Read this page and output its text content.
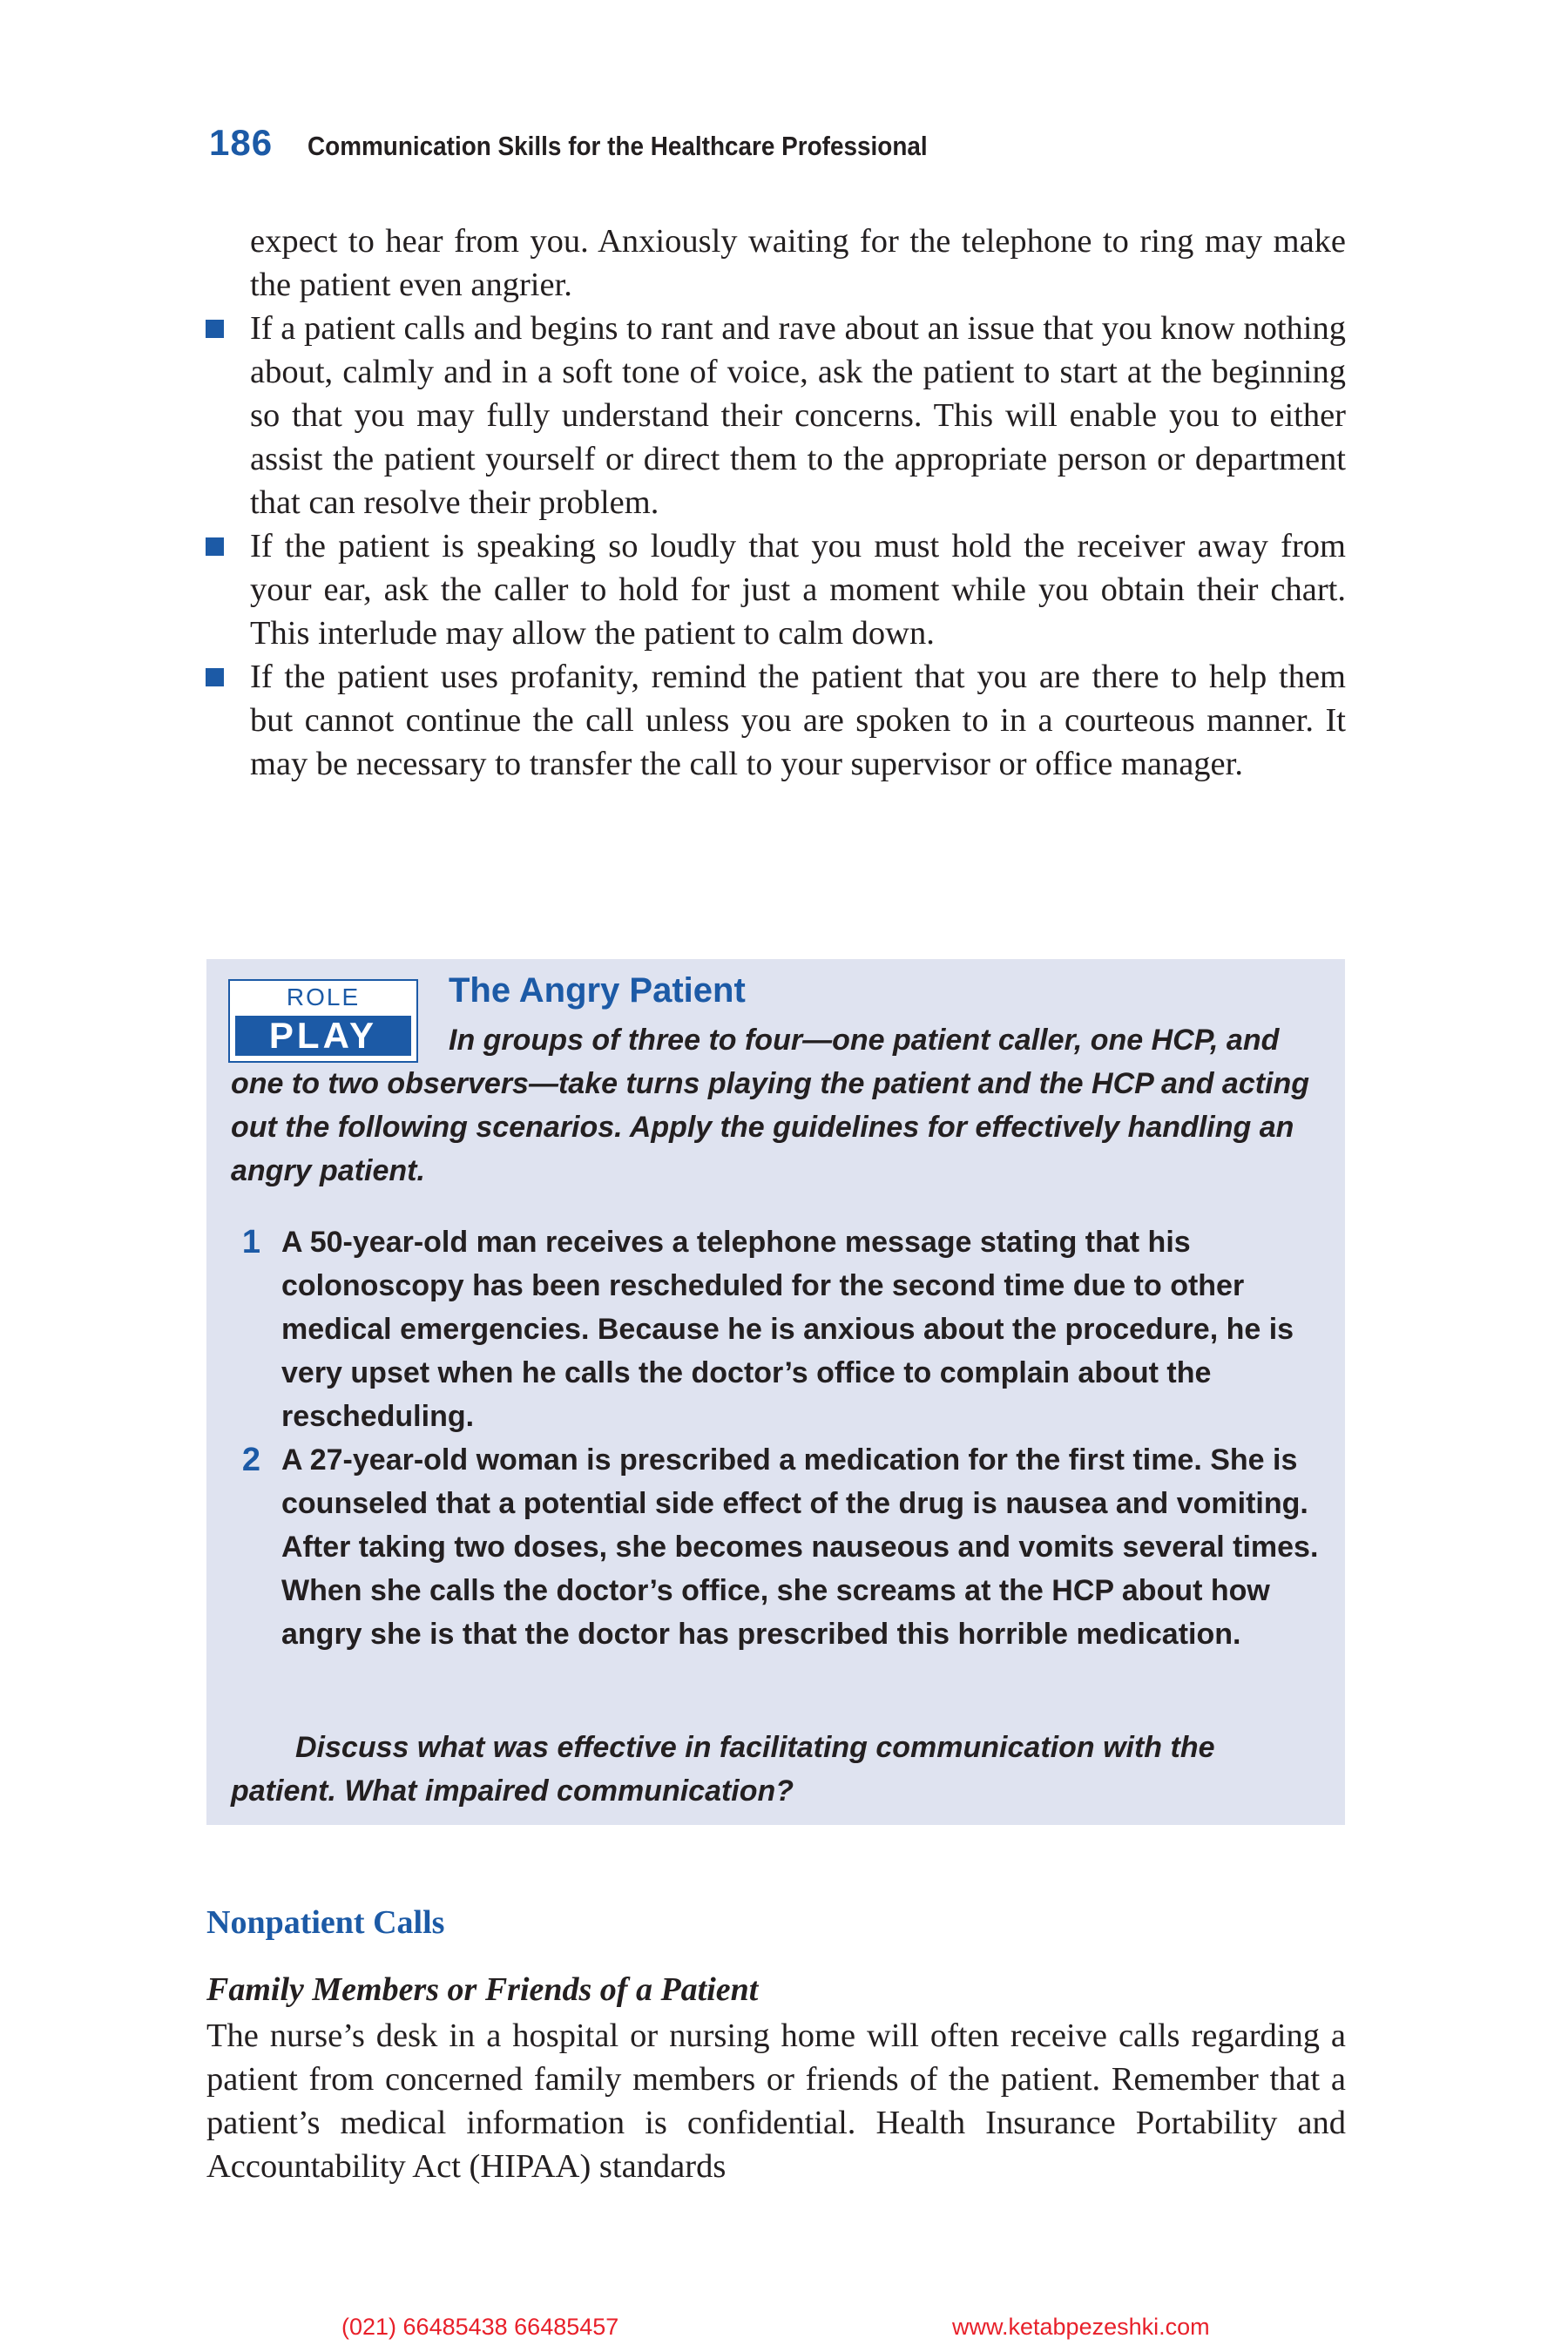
186 Communication Skills for the Healthcare Professional
expect to hear from you. Anxiously waiting for the telephone to ring may make the patient even angrier.
If a patient calls and begins to rant and rave about an issue that you know nothing about, calmly and in a soft tone of voice, ask the patient to start at the beginning so that you may fully understand their concerns. This will enable you to either assist the patient yourself or direct them to the appropriate person or department that can resolve their problem.
If the patient is speaking so loudly that you must hold the receiver away from your ear, ask the caller to hold for just a moment while you obtain their chart. This interlude may allow the patient to calm down.
If the patient uses profanity, remind the patient that you are there to help them but cannot continue the call unless you are spoken to in a courteous manner. It may be necessary to transfer the call to your supervisor or office manager.
ROLE
PLAY
The Angry Patient
In groups of three to four—one patient caller, one HCP, and one to two observers—take turns playing the patient and the HCP and acting out the following scenarios. Apply the guidelines for effectively handling an angry patient.
1 A 50-year-old man receives a telephone message stating that his colonoscopy has been rescheduled for the second time due to other medical emergencies. Because he is anxious about the procedure, he is very upset when he calls the doctor’s office to complain about the rescheduling.
2 A 27-year-old woman is prescribed a medication for the first time. She is counseled that a potential side effect of the drug is nausea and vomiting. After taking two doses, she becomes nauseous and vomits several times. When she calls the doctor’s office, she screams at the HCP about how angry she is that the doctor has prescribed this horrible medication.
Discuss what was effective in facilitating communication with the patient. What impaired communication?
Nonpatient Calls
Family Members or Friends of a Patient
The nurse’s desk in a hospital or nursing home will often receive calls regarding a patient from concerned family members or friends of the patient. Remember that a patient’s medical information is confidential. Health Insurance Portability and Accountability Act (HIPAA) standards
(021) 66485438 66485457	www.ketabpezeshki.com
